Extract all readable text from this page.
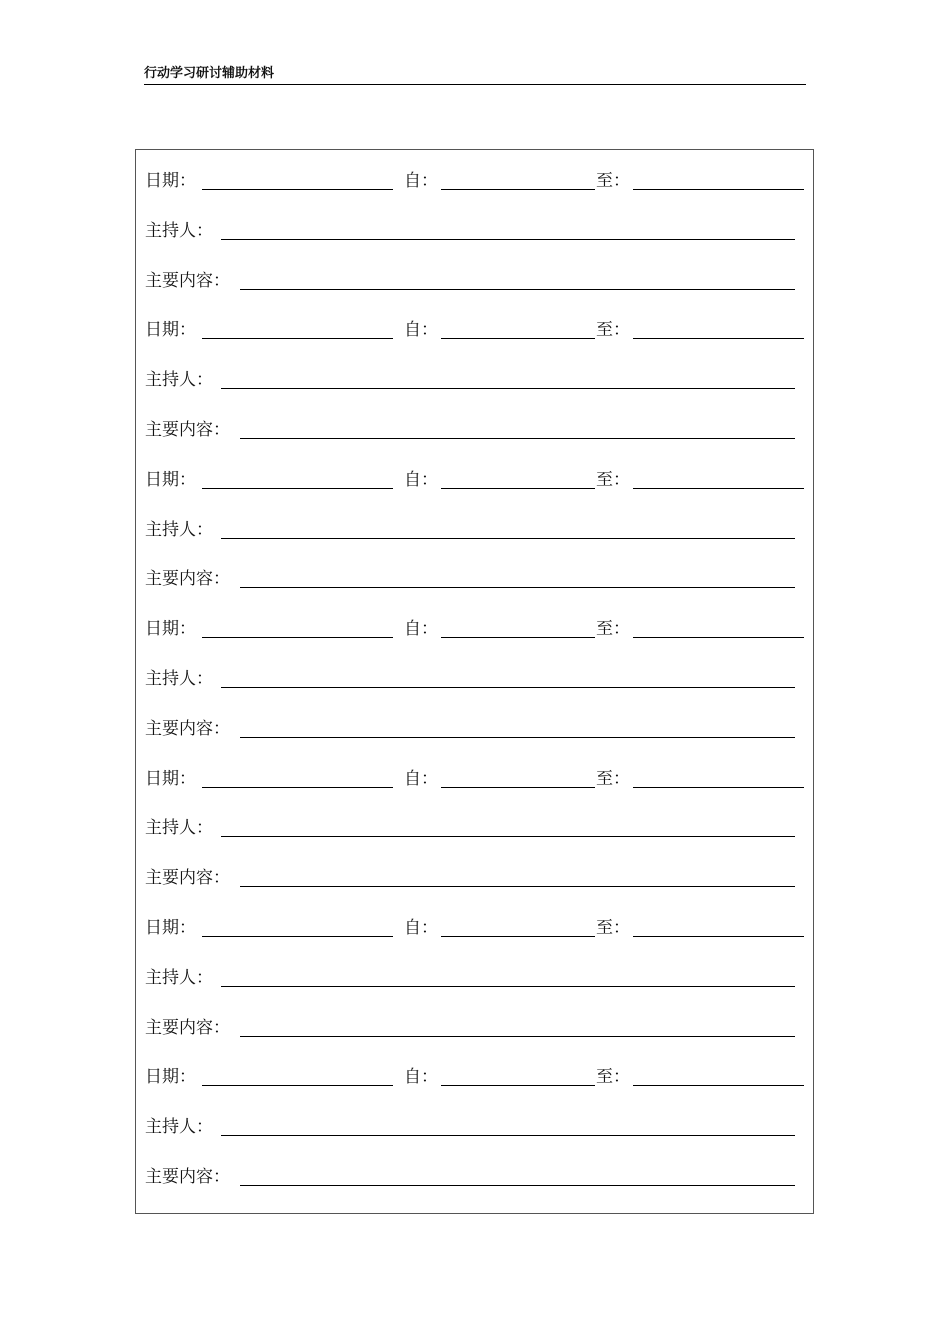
行动学习研讨辅助材料
日期：	自：	至：
主持人：
主要内容：
日期：	自：	至：
主持人：
主要内容：
日期：	自：	至：
主持人：
主要内容：
日期：	自：	至：
主持人：
主要内容：
日期：	自：	至：
主持人：
主要内容：
日期：	自：	至：
主持人：
主要内容：
日期：	自：	至：
主持人：
主要内容：
